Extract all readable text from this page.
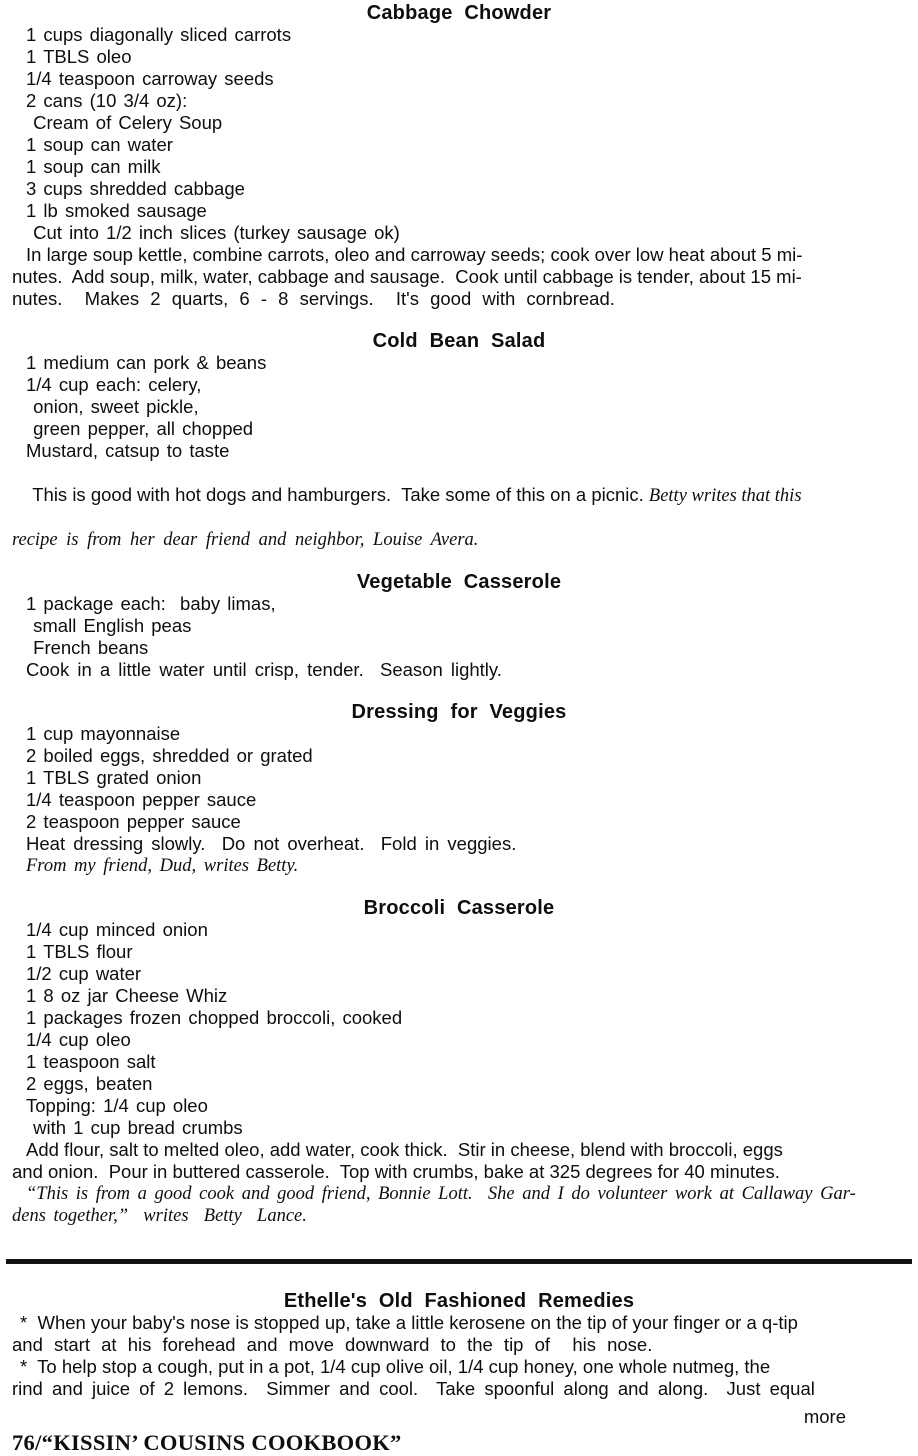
Cabbage Chowder
1 cups diagonally sliced carrots
1 TBLS oleo
1/4 teaspoon carroway seeds
2 cans (10 3/4 oz):
Cream of Celery Soup
1 soup can water
1 soup can milk
3 cups shredded cabbage
1 lb smoked sausage
Cut into 1/2 inch slices (turkey sausage ok)
In large soup kettle, combine carrots, oleo and carroway seeds; cook over low heat about 5 mi-
nutes.  Add soup, milk, water, cabbage and sausage.  Cook until cabbage is tender, about 15 mi-
nutes.  Makes 2 quarts, 6 - 8 servings.  It's good with cornbread.
Cold Bean Salad
1 medium can pork & beans
1/4 cup each: celery,
onion, sweet pickle,
green pepper, all chopped
Mustard, catsup to taste

This is good with hot dogs and hamburgers.  Take some of this on a picnic. Betty writes that this

recipe is from her dear friend and neighbor, Louise Avera.
Vegetable Casserole
1 package each:  baby limas,
small English peas
French beans
Cook in a little water until crisp, tender.  Season lightly.
Dressing for Veggies
1 cup mayonnaise
2 boiled eggs, shredded or grated
1 TBLS grated onion
1/4 teaspoon pepper sauce
2 teaspoon pepper sauce
Heat dressing slowly.  Do not overheat.  Fold in veggies.
From my friend, Dud, writes Betty.
Broccoli Casserole
1/4 cup minced onion
1 TBLS flour
1/2 cup water
1 8 oz jar Cheese Whiz
1 packages frozen chopped broccoli, cooked
1/4 cup oleo
1 teaspoon salt
2 eggs, beaten
Topping: 1/4 cup oleo
with 1 cup bread crumbs
Add flour, salt to melted oleo, add water, cook thick.  Stir in cheese, blend with broccoli, eggs
and onion.  Pour in buttered casserole.  Top with crumbs, bake at 325 degrees for 40 minutes.
“This is from a good cook and good friend, Bonnie Lott.  She and I do volunteer work at Callaway Gar-
dens together,”  writes  Betty  Lance.
Ethelle's Old Fashioned Remedies
*  When your baby's nose is stopped up, take a little kerosene on the tip of your finger or a q-tip
and start at his forehead and move downward to the tip of  his nose.
*  To help stop a cough, put in a pot, 1/4 cup olive oil, 1/4 cup honey, one whole nutmeg, the
rind and juice of 2 lemons.  Simmer and cool.  Take spoonful along and along.  Just equal
more
76/“KISSIN’ COUSINS COOKBOOK”
